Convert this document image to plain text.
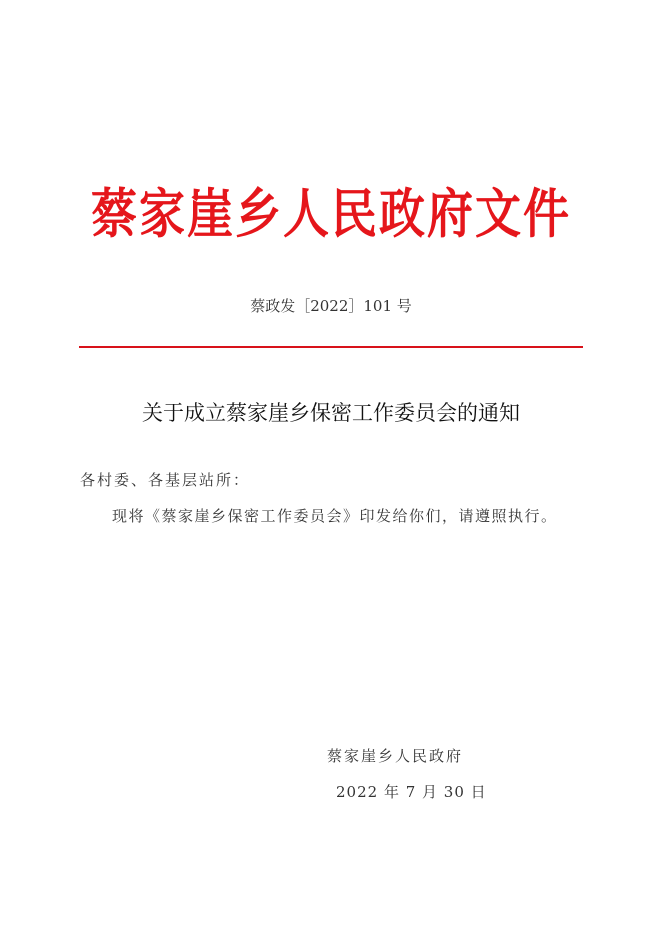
蔡家崖乡人民政府文件
蔡政发［2022］101 号
关于成立蔡家崖乡保密工作委员会的通知
各村委、各基层站所：
现将《蔡家崖乡保密工作委员会》印发给你们，请遵照执行。
蔡家崖乡人民政府
2022 年 7 月 30 日
